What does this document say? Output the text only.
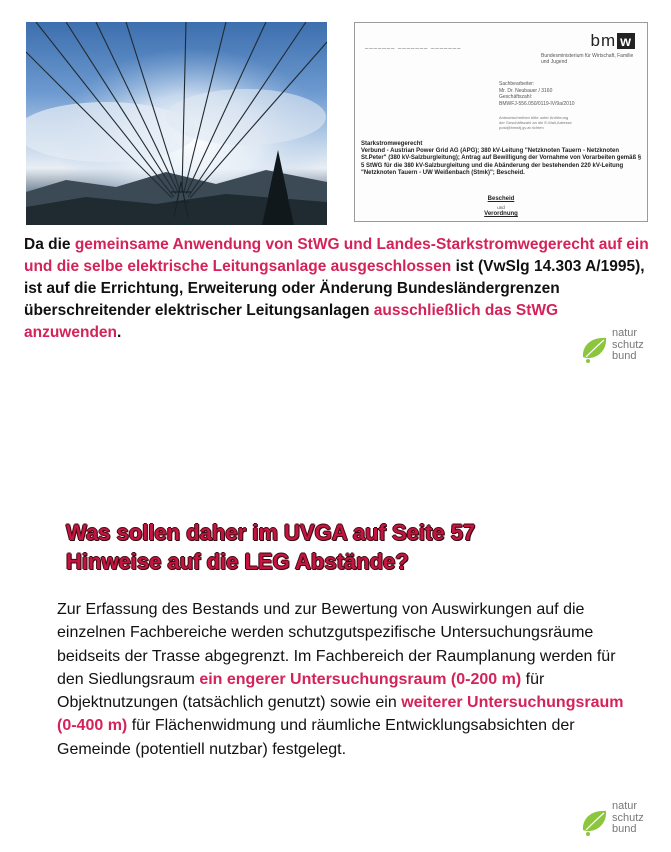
bm w
_______ _______ _______
Bundesministerium für Wirtschaft, Familie und Jugend
Sachbearbeiter:
Mr. Dr. Neubauer / 3160
Geschäftszahl:
BMWFJ-556.050/0119-IV/9a/2010
Antwortschreiben bitte unter Anführung
der Geschäftszahl an die E-Mail-Adresse
post@bmwfj.gv.at richten
Starkstromwegerecht
Verbund - Austrian Power Grid AG (APG); 380 kV-Leitung "Netzknoten Tauern - Netzknoten St.Peter" (380 kV-Salzburgleitung); Antrag auf Bewilligung der Vornahme von Vorarbeiten gemäß § 5 StWG für die 380 kV-Salzburgleitung und die Abänderung der bestehenden 220 kV-Leitung "Netzknoten Tauern - UW Weißenbach (Stmk)"; Bescheid.
Bescheid
und
Verordnung
Da die gemeinsame Anwendung von StWG und Landes-Starkstromwegerecht auf ein und die selbe elektrische Leitungsanlage ausgeschlossen ist (VwSlg 14.303 A/1995), ist auf die Errichtung, Erweiterung oder Änderung Bundesländergrenzen überschreitender elektrischer Leitungsanlagen ausschließlich das StWG anzuwenden.	natur
schutz
bund
Was sollen daher im UVGA auf Seite 57
Hinweise auf die LEG Abstände?
Zur Erfassung des Bestands und zur Bewertung von Auswirkungen auf die einzelnen Fachbereiche werden schutzgutspezifische Untersuchungsräume beidseits der Trasse abgegrenzt. Im Fachbereich der Raumplanung werden für den Siedlungsraum ein engerer Untersuchungsraum (0-200 m) für Objektnutzungen (tatsächlich genutzt) sowie ein weiterer Untersuchungsraum (0-400 m) für Flächenwidmung und räumliche Entwicklungsabsichten der Gemeinde (potentiell nutzbar) festgelegt.
natur
schutz
bund
